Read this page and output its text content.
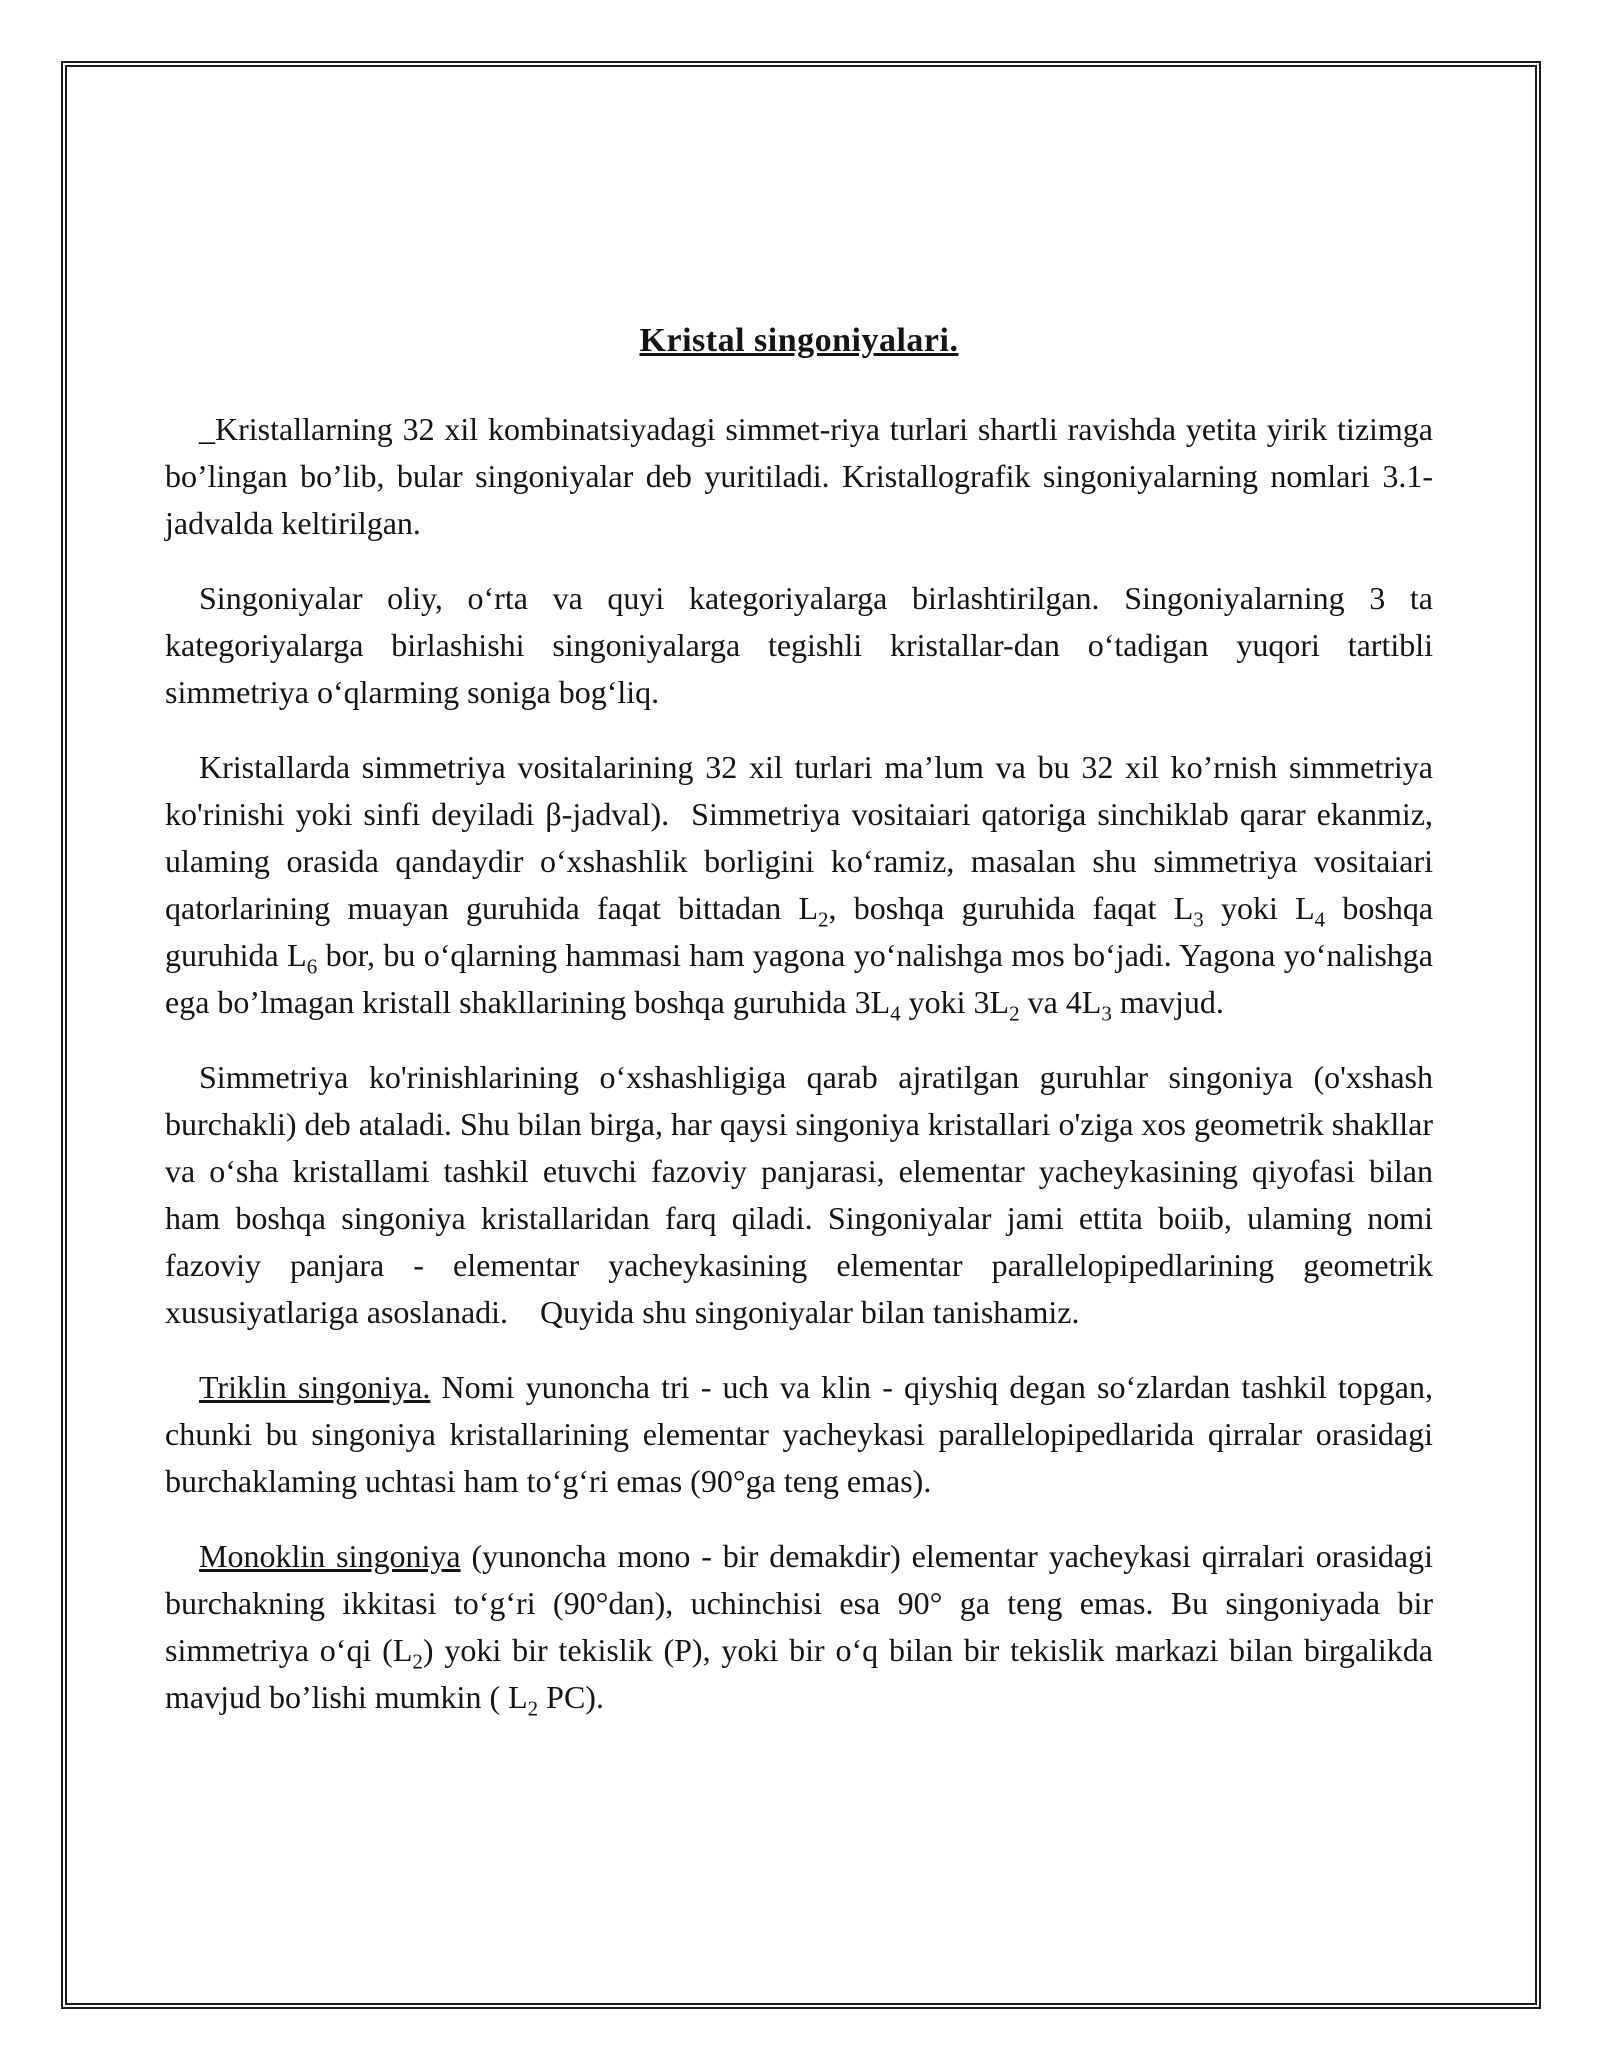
Kristal singoniyalari.

_Kristallarning 32 xil kombinatsiyadagi simmet-riya turlari shartli ravishda yetita yirik tizimga bo’lingan bo’lib, bular singoniyalar deb yuritiladi. Kristallografik singoniyalarning nomlari 3.1-jadvalda keltirilgan.

Singoniyalar oliy, o‘rta va quyi kategoriyalarga birlashtirilgan. Singoniyalarning 3 ta kategoriyalarga birlashishi singoniyalarga tegishli kristallar-dan o‘tadigan yuqori tartibli simmetriya o‘qlarming soniga bog‘liq.

Kristallarda simmetriya vositalarining 32 xil turlari ma’lum va bu 32 xil ko’rnish simmetriya ko'rinishi yoki sinfi deyiladi β-jadval).  Simmetriya vositaiari qatoriga sinchiklab qarar ekanmiz, ulaming orasida qandaydir o‘xshashlik borligini ko‘ramiz, masalan shu simmetriya vositaiari qatorlarining muayan guruhida faqat bittadan $L_2$, boshqa guruhida faqat $L_3$ yoki $L_4$ boshqa guruhida $L_6$ bor, bu o‘qlarning hammasi ham yagona yo‘nalishga mos bo‘jadi. Yagona yo‘nalishga ega bo’lmagan kristall shakllarining boshqa guruhida $3L_4$ yoki $3L_2$ va $4L_3$ mavjud.

Simmetriya ko'rinishlarining o‘xshashligiga qarab ajratilgan guruhlar singoniya (o'xshash burchakli) deb ataladi. Shu bilan birga, har qaysi singoniya kristallari o'ziga xos geometrik shakllar va o‘sha kristallami tashkil etuvchi fazoviy panjarasi, elementar yacheykasining qiyofasi bilan ham boshqa singoniya kristallaridan farq qiladi. Singoniyalar jami ettita boiib, ulaming nomi fazoviy panjara - elementar yacheykasining elementar parallelopipedlarining geometrik xususiyatlariga asoslanadi.    Quyida shu singoniyalar bilan tanishamiz.

Triklin singoniya. Nomi yunoncha tri - uch va klin - qiyshiq degan so‘zlardan tashkil topgan, chunki bu singoniya kristallarining elementar yacheykasi parallelopipedlarida qirralar orasidagi burchaklaming uchtasi ham to‘g‘ri emas (90°ga teng emas).

Monoklin singoniya (yunoncha mono - bir demakdir) elementar yacheykasi qirralari orasidagi burchakning ikkitasi to‘g‘ri (90°dan), uchinchisi esa 90° ga teng emas. Bu singoniyada bir simmetriya o‘qi $(L_2)$ yoki bir tekislik (P), yoki bir o‘q bilan bir tekislik markazi bilan birgalikda mavjud bo’lishi mumkin ( $L_2$ PC).
